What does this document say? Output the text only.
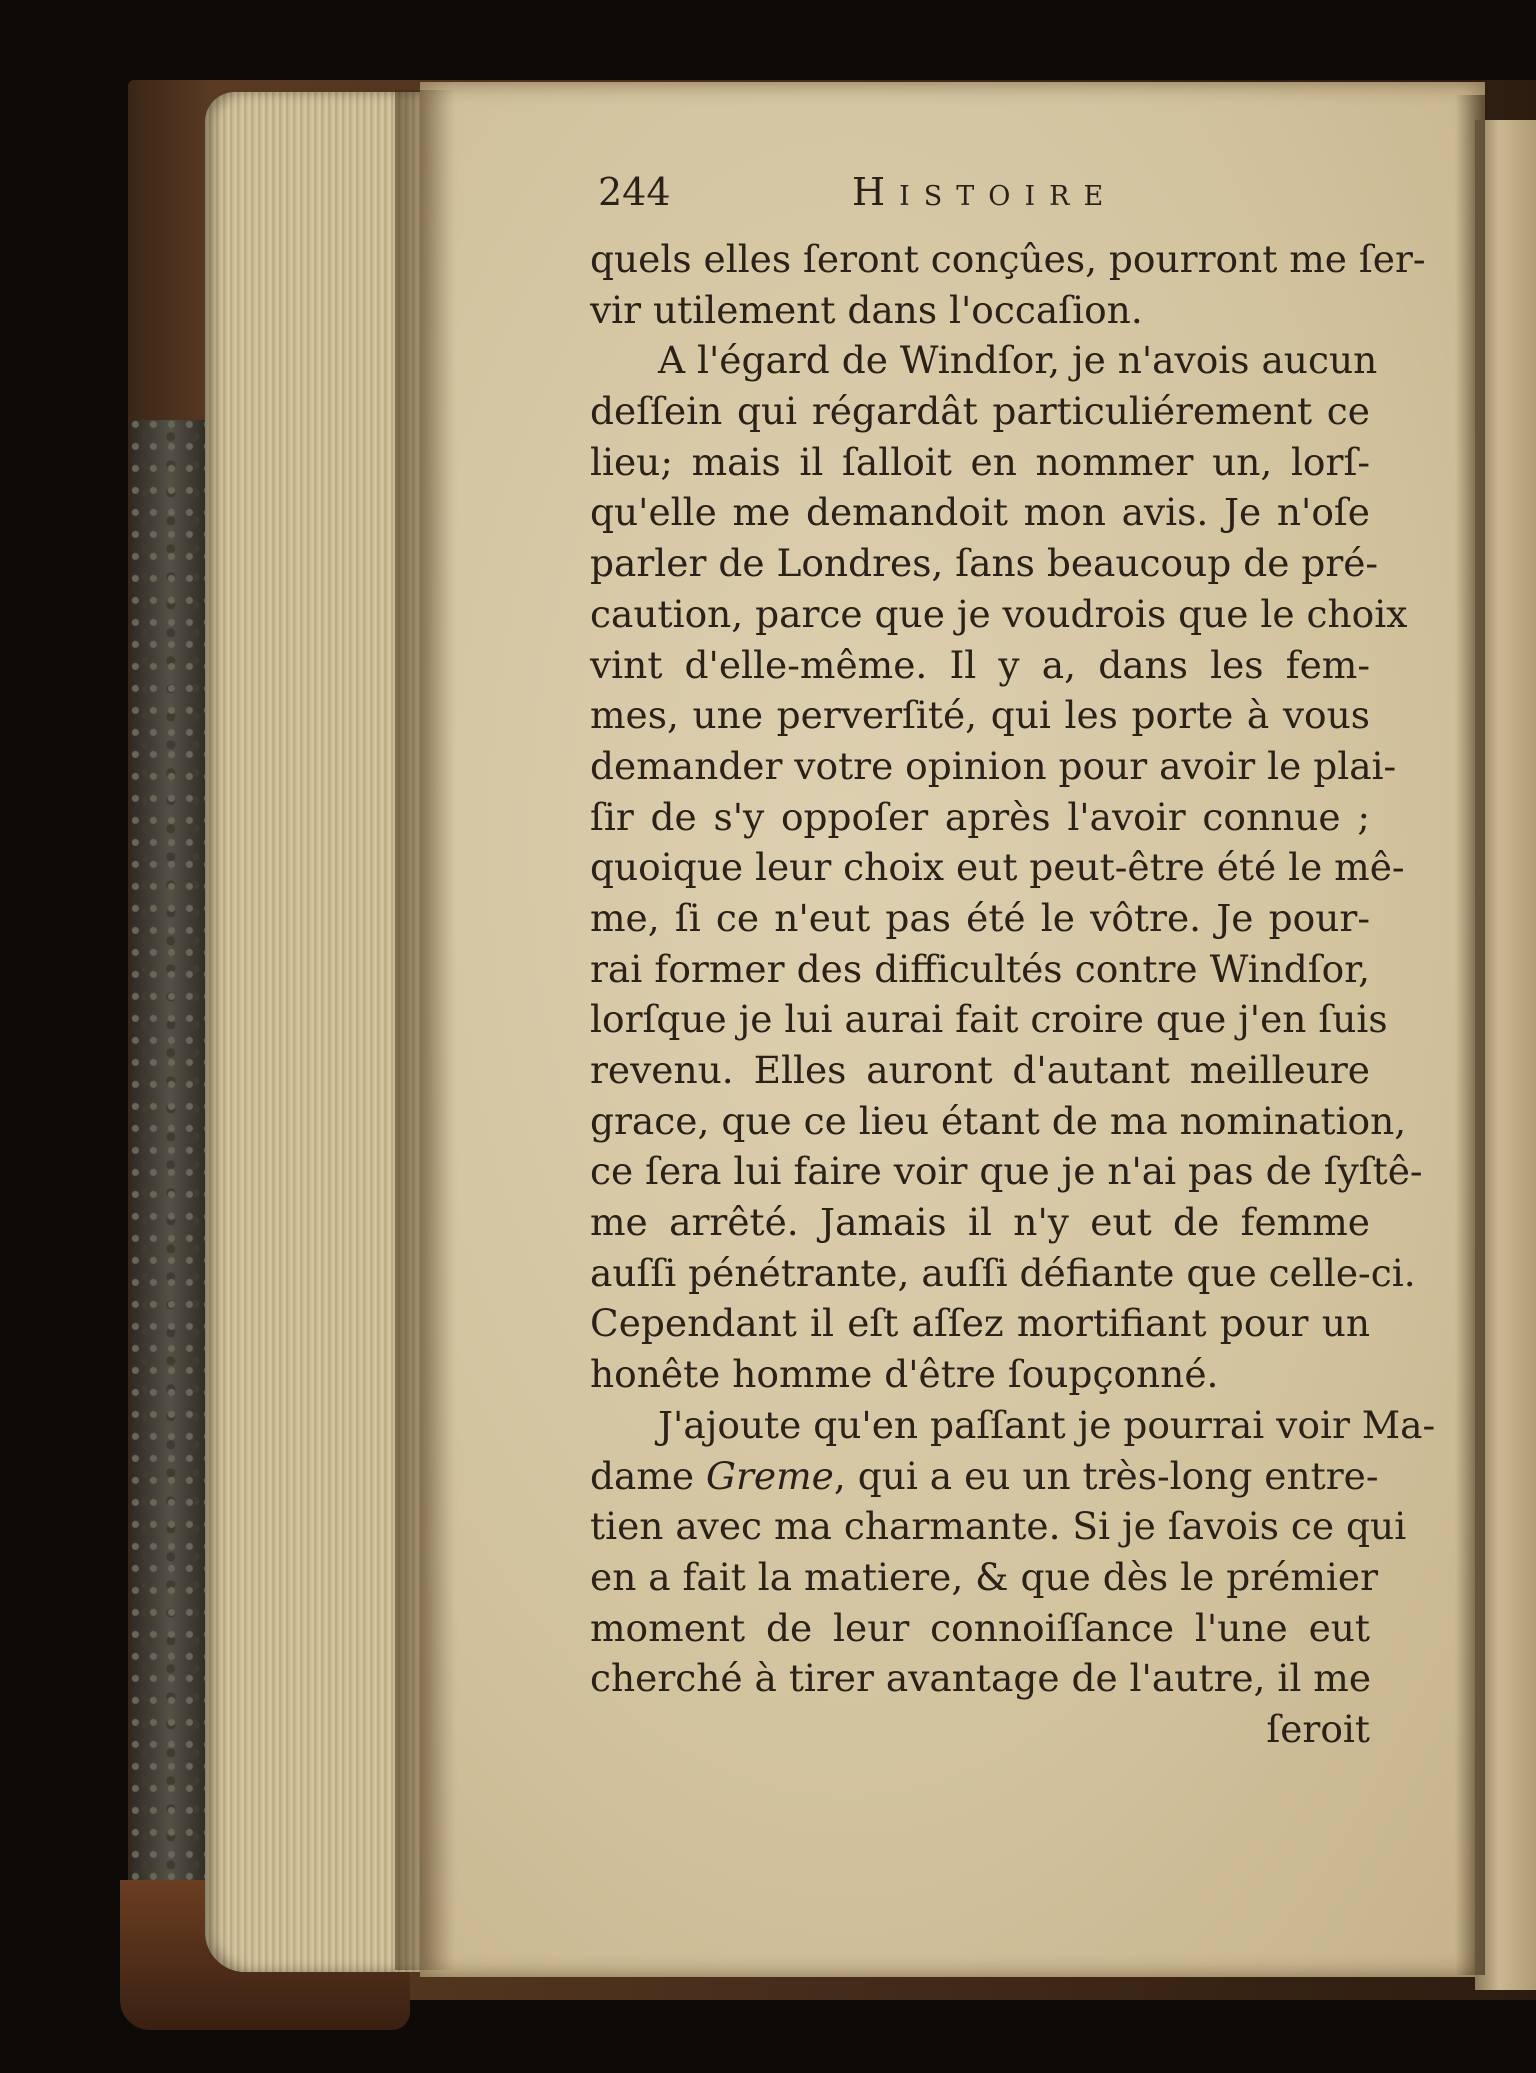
244	Histoire
quels elles ſeront conçûes, pourront me ſer-
vir utilement dans l'occaſion.
A l'égard de Windſor, je n'avois aucun
deſſein qui régardât particuliérement ce
lieu; mais il ſalloit en nommer un, lorſ-
qu'elle me demandoit mon avis. Je n'oſe
parler de Londres, ſans beaucoup de pré-
caution, parce que je voudrois que le choix
vint d'elle-même. Il y a, dans les fem-
mes, une perverſité, qui les porte à vous
demander votre opinion pour avoir le plai-
ſir de s'y oppoſer après l'avoir connue ;
quoique leur choix eut peut-être été le mê-
me, ſi ce n'eut pas été le vôtre. Je pour-
rai former des difficultés contre Windſor,
lorſque je lui aurai fait croire que j'en ſuis
revenu. Elles auront d'autant meilleure
grace, que ce lieu étant de ma nomination,
ce ſera lui faire voir que je n'ai pas de ſyſtê-
me arrêté. Jamais il n'y eut de femme
auſſi pénétrante, auſſi défiante que celle-ci.
Cependant il eſt aſſez mortifiant pour un
honête homme d'être ſoupçonné.
J'ajoute qu'en paſſant je pourrai voir Ma-
dame Greme, qui a eu un très-long entre-
tien avec ma charmante. Si je ſavois ce qui
en a fait la matiere, & que dès le prémier
moment de leur connoiſſance l'une eut
cherché à tirer avantage de l'autre, il me
ſeroit
